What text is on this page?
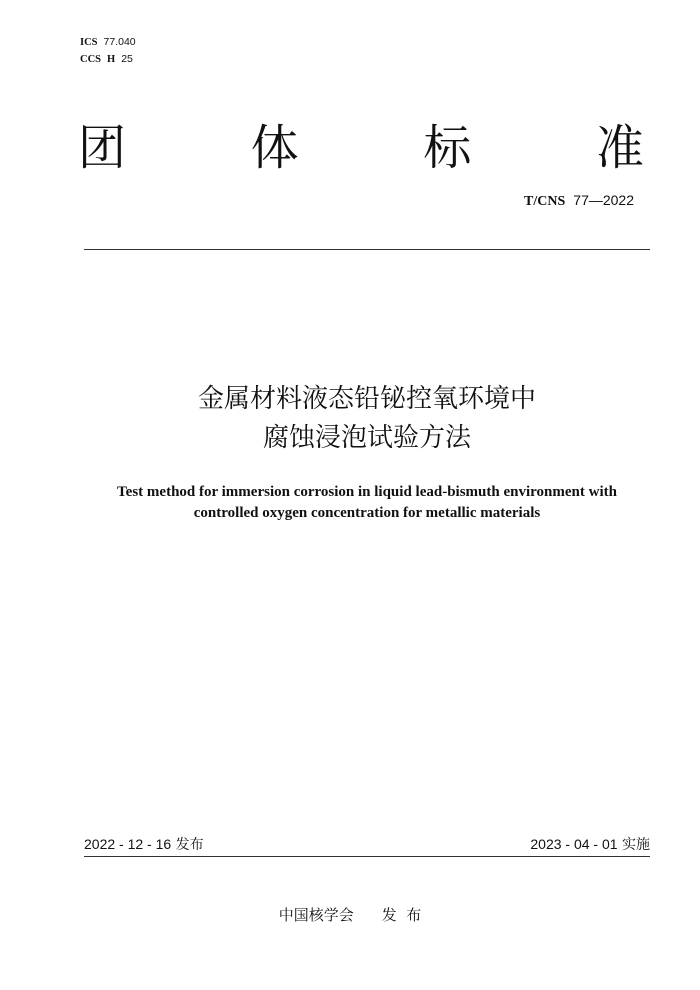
ICS 77.040
CCS H 25
团	体	标	准
T/CNS 77—2022
金属材料液态铅铋控氧环境中
腐蚀浸泡试验方法
Test method for immersion corrosion in liquid lead-bismuth environment with
controlled oxygen concentration for metallic materials
2022 - 12 - 16 发布	2023 - 04 - 01 实施
中国核学会 发  布
